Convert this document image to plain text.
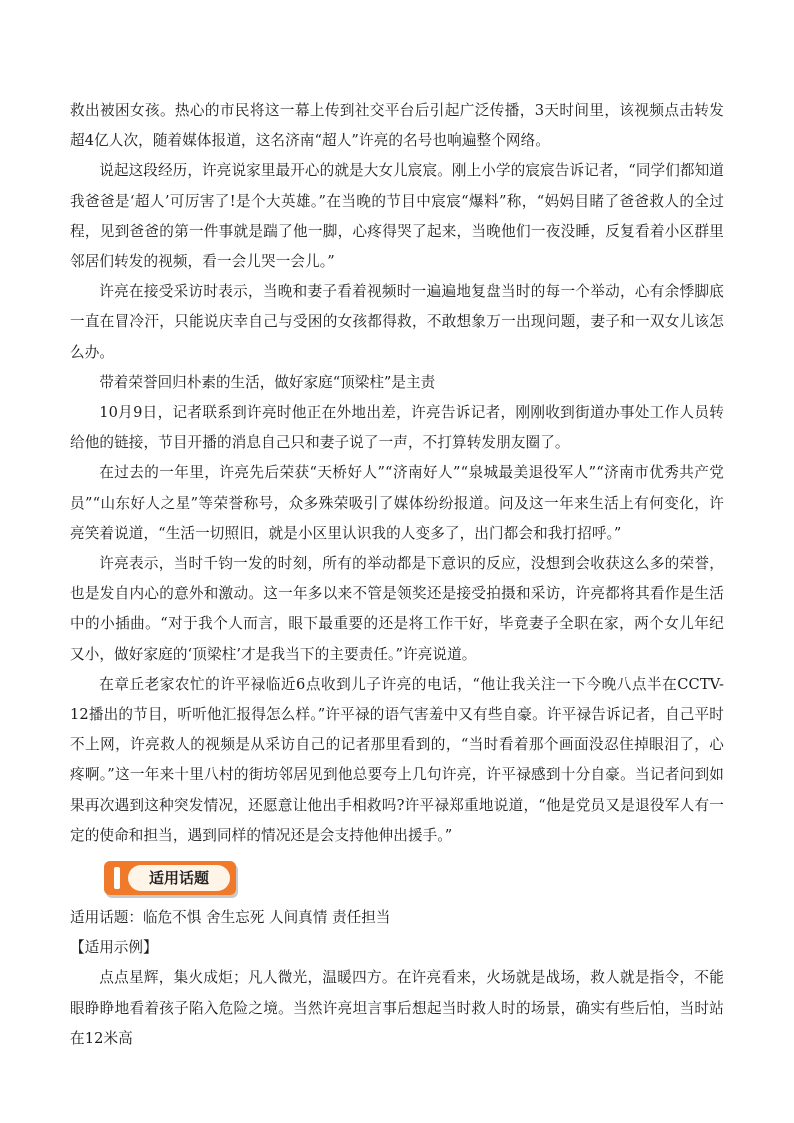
救出被困女孩。热心的市民将这一幕上传到社交平台后引起广泛传播，3天时间里，该视频点击转发超4亿人次，随着媒体报道，这名济南“超人”许亮的名号也响遍整个网络。

说起这段经历，许亮说家里最开心的就是大女儿宸宸。刚上小学的宸宸告诉记者，“同学们都知道我爸爸是‘超人’可厉害了!是个大英雄。”在当晚的节目中宸宸“爆料”称，“妈妈目睹了爸爸救人的全过程，见到爸爸的第一件事就是踹了他一脚，心疼得哭了起来，当晚他们一夜没睡，反复看着小区群里邻居们转发的视频，看一会儿哭一会儿。”

许亮在接受采访时表示，当晚和妻子看着视频时一遍遍地复盘当时的每一个举动，心有余悸脚底一直在冒冷汗，只能说庆幸自己与受困的女孩都得救，不敢想象万一出现问题，妻子和一双女儿该怎么办。

带着荣誉回归朴素的生活，做好家庭“顶梁柱”是主责

10月9日，记者联系到许亮时他正在外地出差，许亮告诉记者，刚刚收到街道办事处工作人员转给他的链接，节目开播的消息自己只和妻子说了一声，不打算转发朋友圈了。

在过去的一年里，许亮先后荣获“天桥好人”“济南好人”“泉城最美退役军人”“济南市优秀共产党员”“山东好人之星”等荣誉称号，众多殊荣吸引了媒体纷纷报道。问及这一年来生活上有何变化，许亮笑着说道，“生活一切照旧，就是小区里认识我的人变多了，出门都会和我打招呼。”

许亮表示，当时千钧一发的时刻，所有的举动都是下意识的反应，没想到会收获这么多的荣誉，也是发自内心的意外和激动。这一年多以来不管是领奖还是接受拍摄和采访，许亮都将其看作是生活中的小插曲。“对于我个人而言，眼下最重要的还是将工作干好，毕竟妻子全职在家，两个女儿年纪又小，做好家庭的‘顶梁柱’才是我当下的主要责任。”许亮说道。

在章丘老家农忙的许平禄临近6点收到儿子许亮的电话，“他让我关注一下今晚八点半在CCTV-12播出的节目，听听他汇报得怎么样。”许平禄的语气害羞中又有些自豪。许平禄告诉记者，自己平时不上网，许亮救人的视频是从采访自己的记者那里看到的，“当时看着那个画面没忍住掉眼泪了，心疼啊。”这一年来十里八村的街坊邻居见到他总要夸上几句许亮，许平禄感到十分自豪。当记者问到如果再次遇到这种突发情况，还愿意让他出手相救吗?许平禄郑重地说道，“他是党员又是退役军人有一定的使命和担当，遇到同样的情况还是会支持他伸出援手。”

适用话题

适用话题：临危不惧 舍生忘死 人间真情 责任担当

【适用示例】

点点星辉，集火成炬；凡人微光，温暖四方。在许亮看来，火场就是战场，救人就是指令，不能眼睁睁地看着孩子陷入危险之境。当然许亮坦言事后想起当时救人时的场景，确实有些后怕，当时站在12米高
